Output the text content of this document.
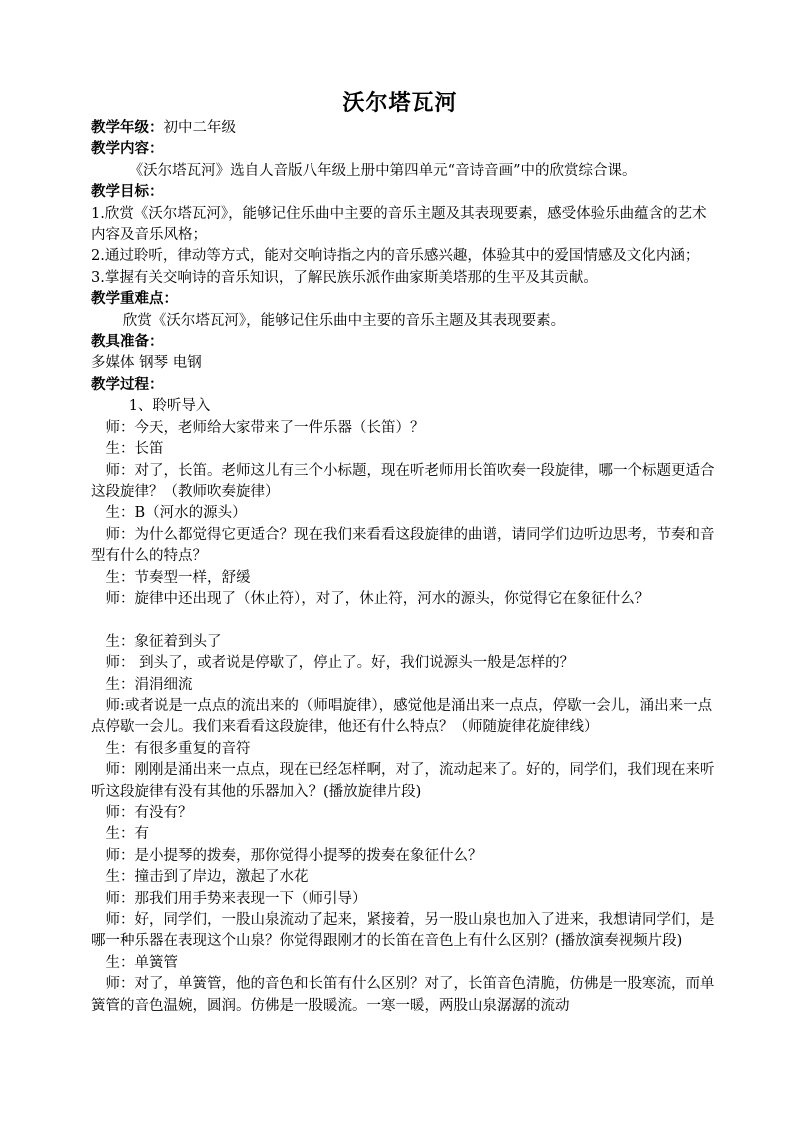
沃尔塔瓦河

教学年级：初中二年级

教学内容：

《沃尔塔瓦河》选自人音版八年级上册中第四单元“音诗音画”中的欣赏综合课。

教学目标：

1.欣赏《沃尔塔瓦河》，能够记住乐曲中主要的音乐主题及其表现要素，感受体验乐曲蕴含的艺术内容及音乐风格；

2.通过聆听，律动等方式，能对交响诗指之内的音乐感兴趣，体验其中的爱国情感及文化内涵；

3.掌握有关交响诗的音乐知识，了解民族乐派作曲家斯美塔那的生平及其贡献。

教学重难点：

欣赏《沃尔塔瓦河》，能够记住乐曲中主要的音乐主题及其表现要素。

教具准备：

多媒体 钢琴 电钢

教学过程：

1、聆听导入

师：今天，老师给大家带来了一件乐器（长笛）？

生：长笛

师：对了，长笛。老师这儿有三个小标题，现在听老师用长笛吹奏一段旋律，哪一个标题更适合这段旋律？（教师吹奏旋律）

生：B（河水的源头）

师：为什么都觉得它更适合？现在我们来看看这段旋律的曲谱，请同学们边听边思考，节奏和音型有什么的特点？

生：节奏型一样，舒缓

师：旋律中还出现了（休止符），对了，休止符，河水的源头，你觉得它在象征什么？

生：象征着到头了

师： 到头了，或者说是停歇了，停止了。好，我们说源头一般是怎样的？

生：涓涓细流

师:或者说是一点点的流出来的（师唱旋律），感觉他是涌出来一点点，停歇一会儿，涌出来一点点停歇一会儿。我们来看看这段旋律，他还有什么特点？（师随旋律花旋律线）

生：有很多重复的音符

师：刚刚是涌出来一点点，现在已经怎样啊，对了，流动起来了。好的，同学们，我们现在来听听这段旋律有没有其他的乐器加入？(播放旋律片段)

师：有没有？

生：有

师：是小提琴的拨奏，那你觉得小提琴的拨奏在象征什么？

生：撞击到了岸边，激起了水花

师：那我们用手势来表现一下（师引导）

师：好，同学们，一股山泉流动了起来，紧接着，另一股山泉也加入了进来，我想请同学们，是哪一种乐器在表现这个山泉？你觉得跟刚才的长笛在音色上有什么区别？(播放演奏视频片段)

生：单簧管

师：对了，单簧管，他的音色和长笛有什么区别？对了，长笛音色清脆，仿佛是一股寒流，而单簧管的音色温婉，圆润。仿佛是一股暖流。一寒一暖，两股山泉潺潺的流动
